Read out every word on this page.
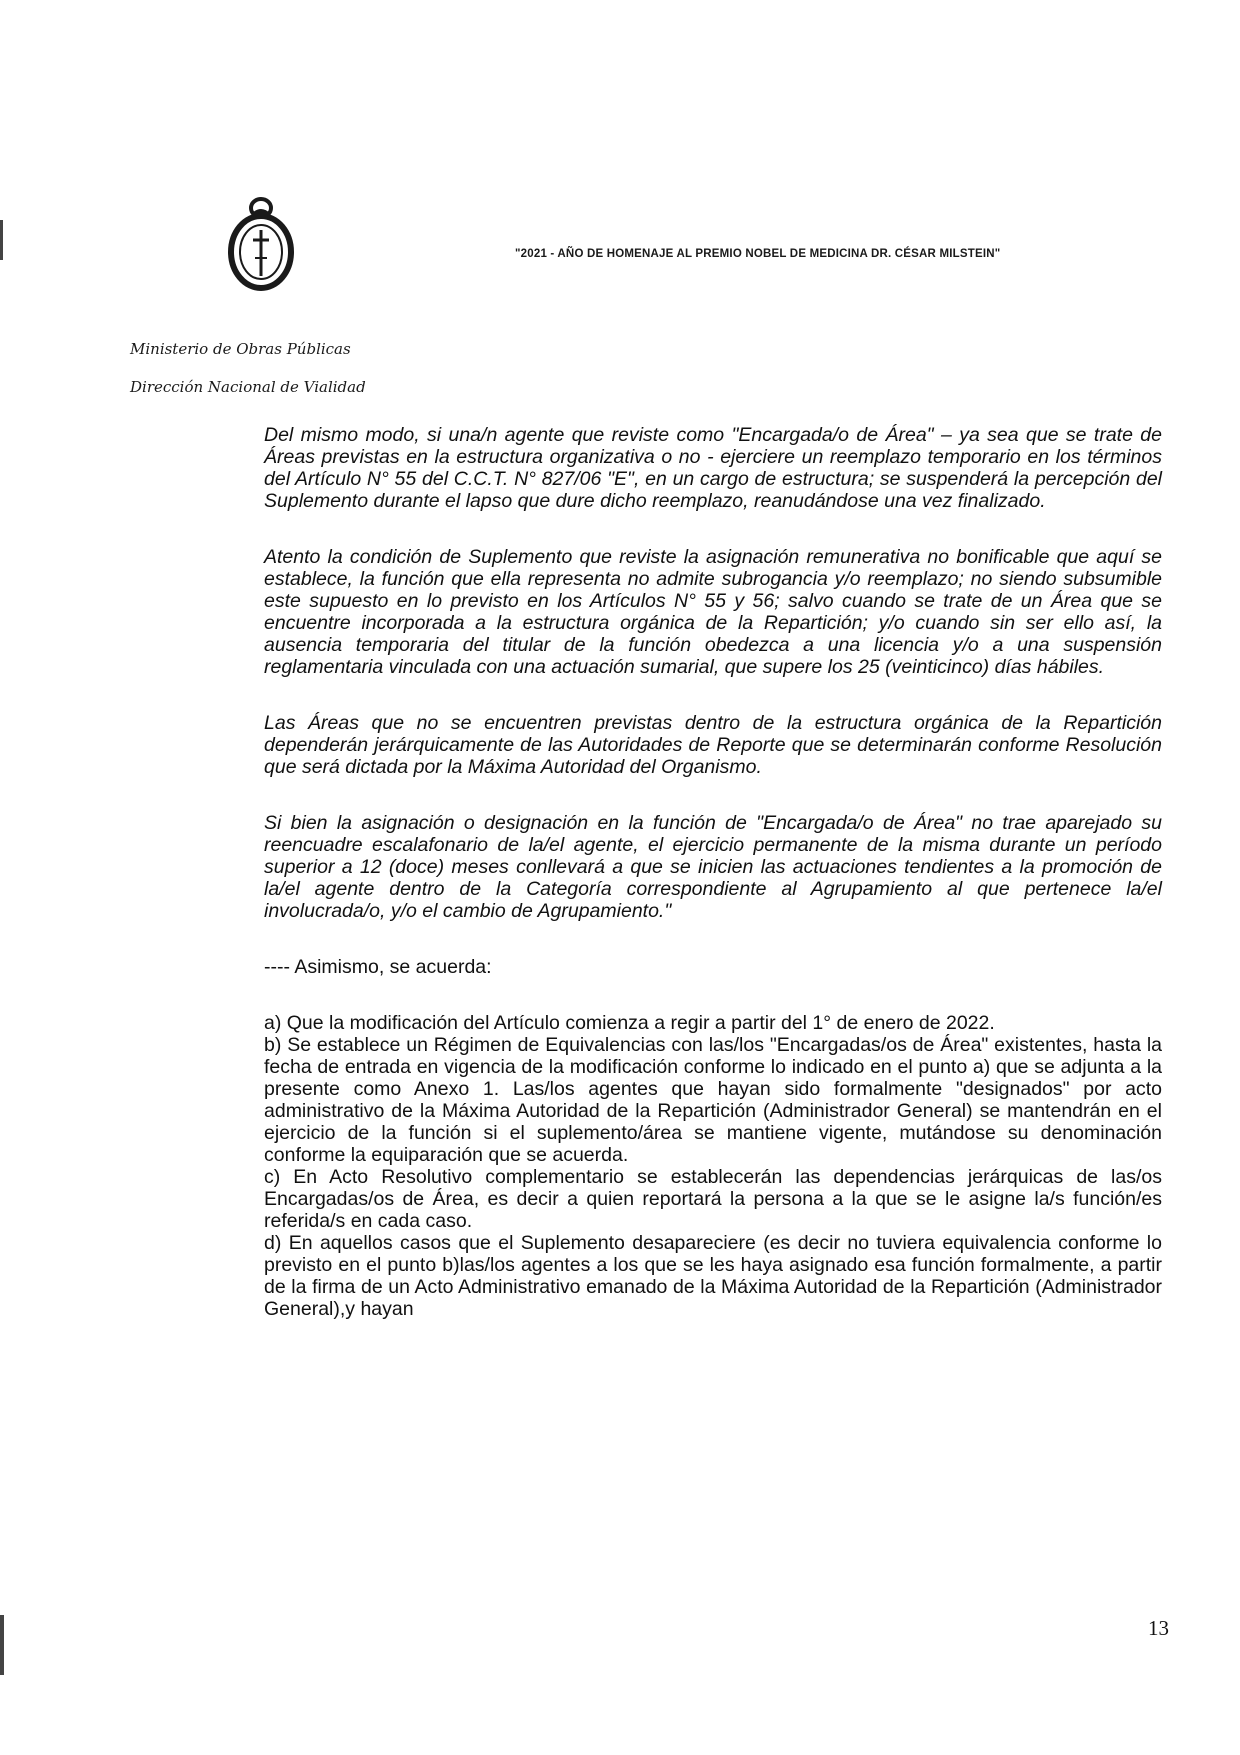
"2021 - AÑO DE HOMENAJE AL PREMIO NOBEL DE MEDICINA DR. CÉSAR MILSTEIN"
Ministerio de Obras Públicas
Dirección Nacional de Vialidad

Del mismo modo, si una/n agente que reviste como "Encargada/o de Área" – ya sea que se trate de Áreas previstas en la estructura organizativa o no - ejerciere un reemplazo temporario en los términos del Artículo N° 55 del C.C.T. N° 827/06 "E", en un cargo de estructura; se suspenderá la percepción del Suplemento durante el lapso que dure dicho reemplazo, reanudándose una vez finalizado.

Atento la condición de Suplemento que reviste la asignación remunerativa no bonificable que aquí se establece, la función que ella representa no admite subrogancia y/o reemplazo; no siendo subsumible este supuesto en lo previsto en los Artículos N° 55 y 56; salvo cuando se trate de un Área que se encuentre incorporada a la estructura orgánica de la Repartición; y/o cuando sin ser ello así, la ausencia temporaria del titular de la función obedezca a una licencia y/o a una suspensión reglamentaria vinculada con una actuación sumarial, que supere los 25 (veinticinco) días hábiles.

Las Áreas que no se encuentren previstas dentro de la estructura orgánica de la Repartición dependerán jerárquicamente de las Autoridades de Reporte que se determinarán conforme Resolución que será dictada por la Máxima Autoridad del Organismo.

Si bien la asignación o designación en la función de "Encargada/o de Área" no trae aparejado su reencuadre escalafonario de la/el agente, el ejercicio permanente de la misma durante un período superior a 12 (doce) meses conllevará a que se inicien las actuaciones tendientes a la promoción de la/el agente dentro de la Categoría correspondiente al Agrupamiento al que pertenece la/el involucrada/o, y/o el cambio de Agrupamiento."

---- Asimismo, se acuerda:

a) Que la modificación del Artículo comienza a regir a partir del 1° de enero de 2022.

b) Se establece un Régimen de Equivalencias con las/los "Encargadas/os de Área" existentes, hasta la fecha de entrada en vigencia de la modificación conforme lo indicado en el punto a) que se adjunta a la presente como Anexo 1. Las/los agentes que hayan sido formalmente "designados" por acto administrativo de la Máxima Autoridad de la Repartición (Administrador General) se mantendrán en el ejercicio de la función si el suplemento/área se mantiene vigente, mutándose su denominación conforme la equiparación que se acuerda.

c) En Acto Resolutivo complementario se establecerán las dependencias jerárquicas de las/os Encargadas/os de Área, es decir a quien reportará la persona a la que se le asigne la/s función/es referida/s en cada caso.

d) En aquellos casos que el Suplemento desapareciere (es decir no tuviera equivalencia conforme lo previsto en el punto b)las/los agentes a los que se les haya asignado esa función formalmente, a partir de la firma de un Acto Administrativo emanado de la Máxima Autoridad de la Repartición (Administrador General),y hayan

13
